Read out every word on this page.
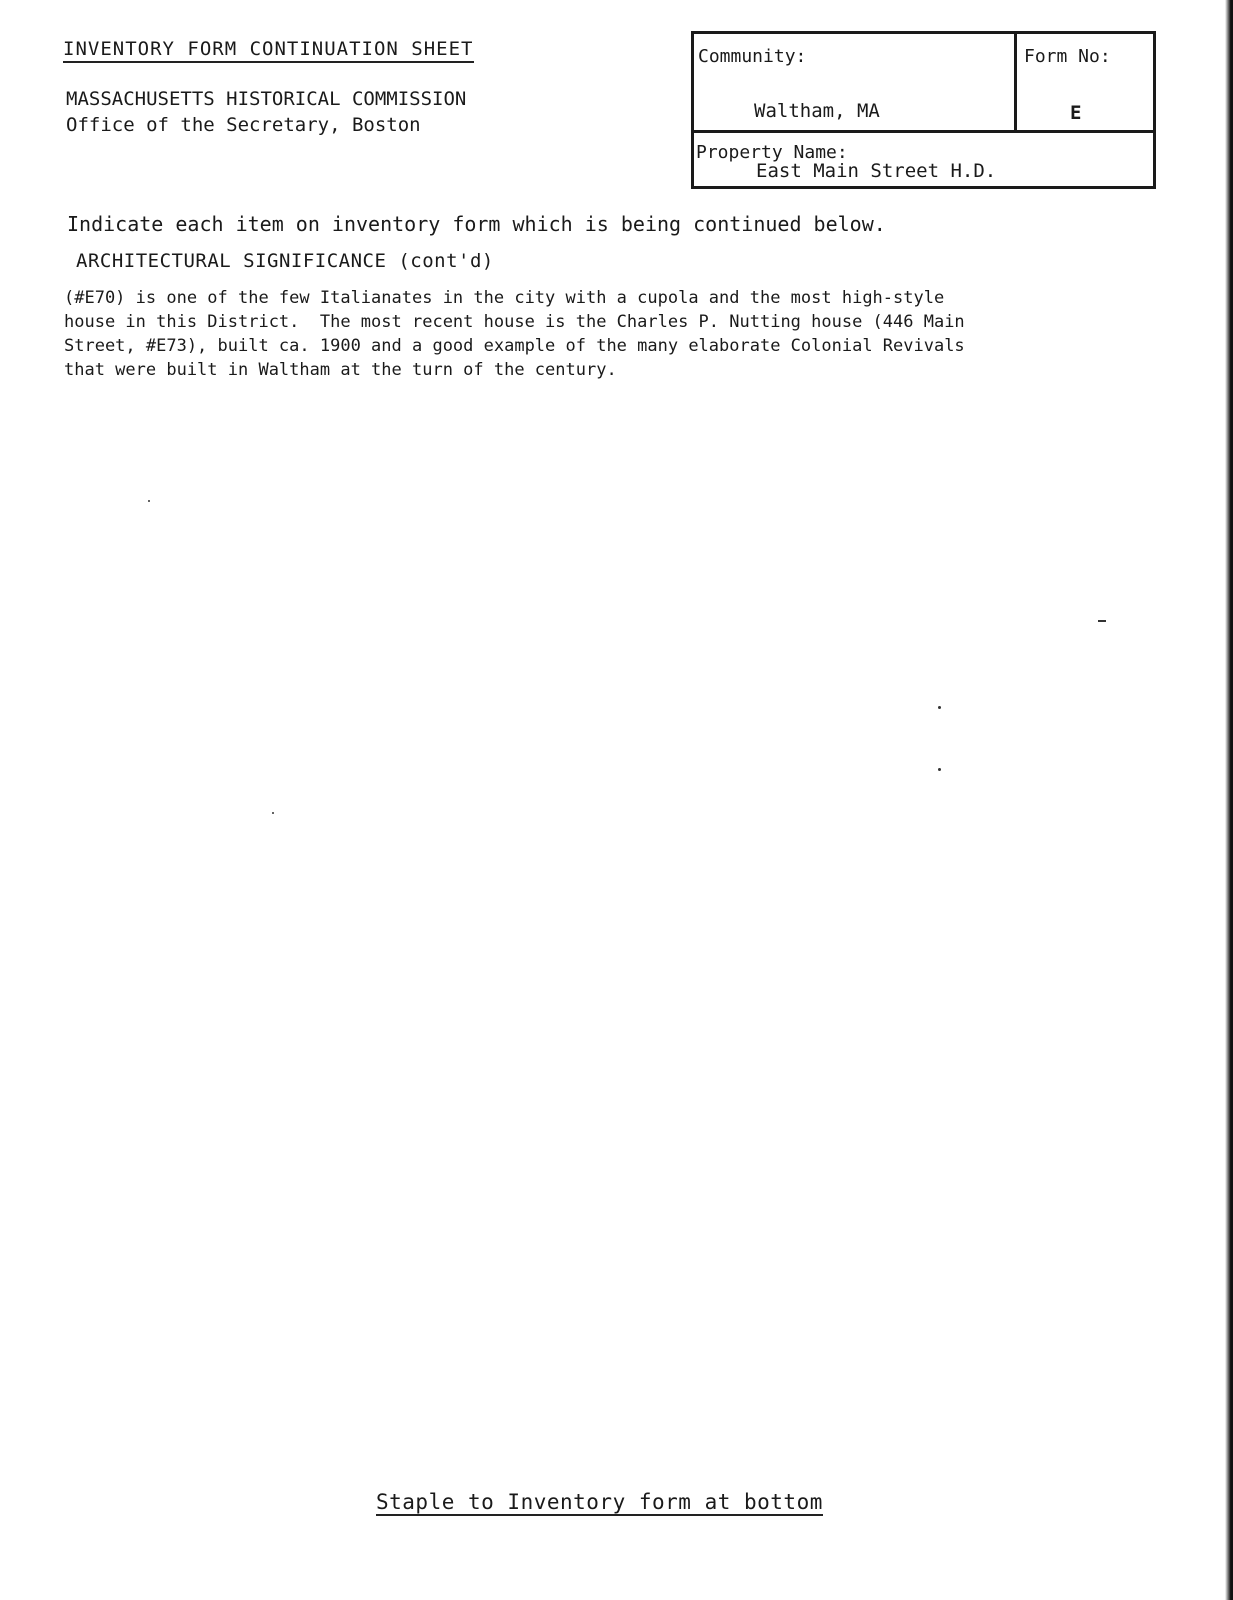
INVENTORY FORM CONTINUATION SHEET
MASSACHUSETTS HISTORICAL COMMISSION
Office of the Secretary, Boston
Community:
Waltham, MA
Form No:
E
Property Name:
East Main Street H.D.
Indicate each item on inventory form which is being continued below.
ARCHITECTURAL SIGNIFICANCE (cont'd)
(#E70) is one of the few Italianates in the city with a cupola and the most high-style
house in this District.  The most recent house is the Charles P. Nutting house (446 Main
Street, #E73), built ca. 1900 and a good example of the many elaborate Colonial Revivals
that were built in Waltham at the turn of the century.
Staple to Inventory form at bottom
